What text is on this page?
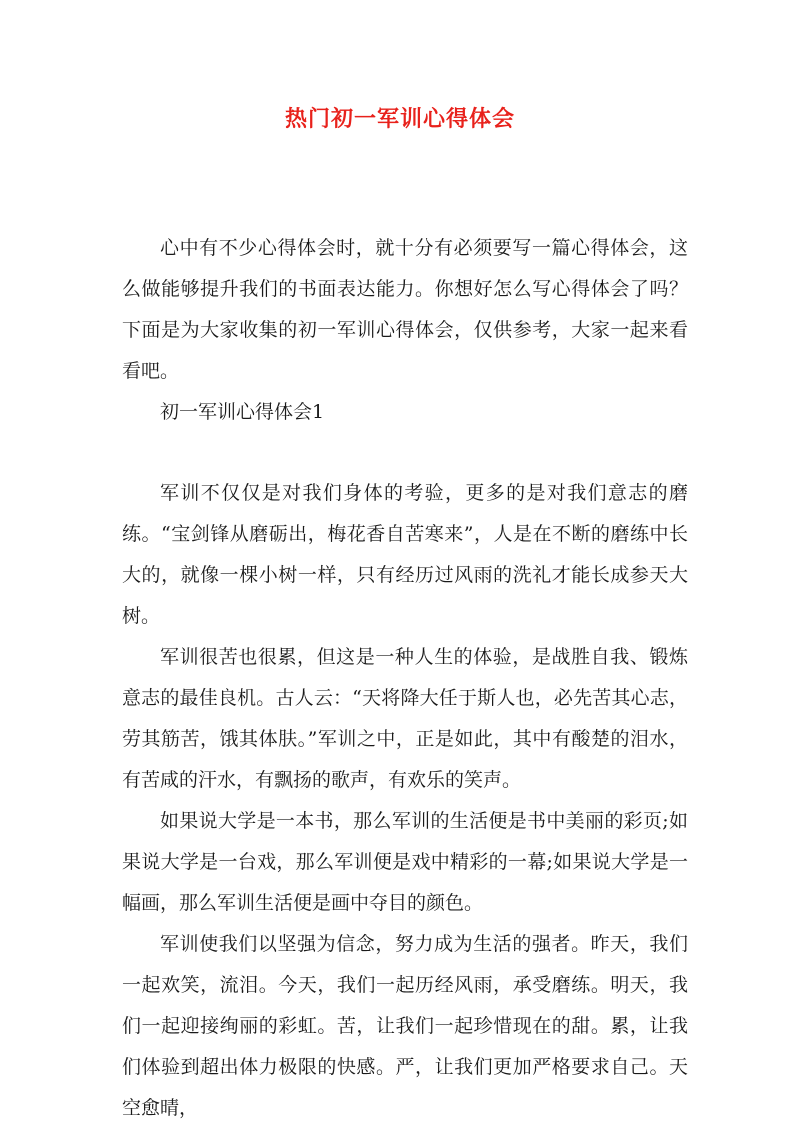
热门初一军训心得体会

心中有不少心得体会时，就十分有必须要写一篇心得体会，这么做能够提升我们的书面表达能力。你想好怎么写心得体会了吗？下面是为大家收集的初一军训心得体会，仅供参考，大家一起来看看吧。

初一军训心得体会1

军训不仅仅是对我们身体的考验，更多的是对我们意志的磨练。“宝剑锋从磨砺出，梅花香自苦寒来”，人是在不断的磨练中长大的，就像一棵小树一样，只有经历过风雨的洗礼才能长成参天大树。

军训很苦也很累，但这是一种人生的体验，是战胜自我、锻炼意志的最佳良机。古人云：“天将降大任于斯人也，必先苦其心志，劳其筋苦，饿其体肤。”军训之中，正是如此，其中有酸楚的泪水，有苦咸的汗水，有飘扬的歌声，有欢乐的笑声。

如果说大学是一本书，那么军训的生活便是书中美丽的彩页;如果说大学是一台戏，那么军训便是戏中精彩的一幕;如果说大学是一幅画，那么军训生活便是画中夺目的颜色。

军训使我们以坚强为信念，努力成为生活的强者。昨天，我们一起欢笑，流泪。今天，我们一起历经风雨，承受磨练。明天，我们一起迎接绚丽的彩虹。苦，让我们一起珍惜现在的甜。累，让我们体验到超出体力极限的快感。严，让我们更加严格要求自己。天空愈晴，
